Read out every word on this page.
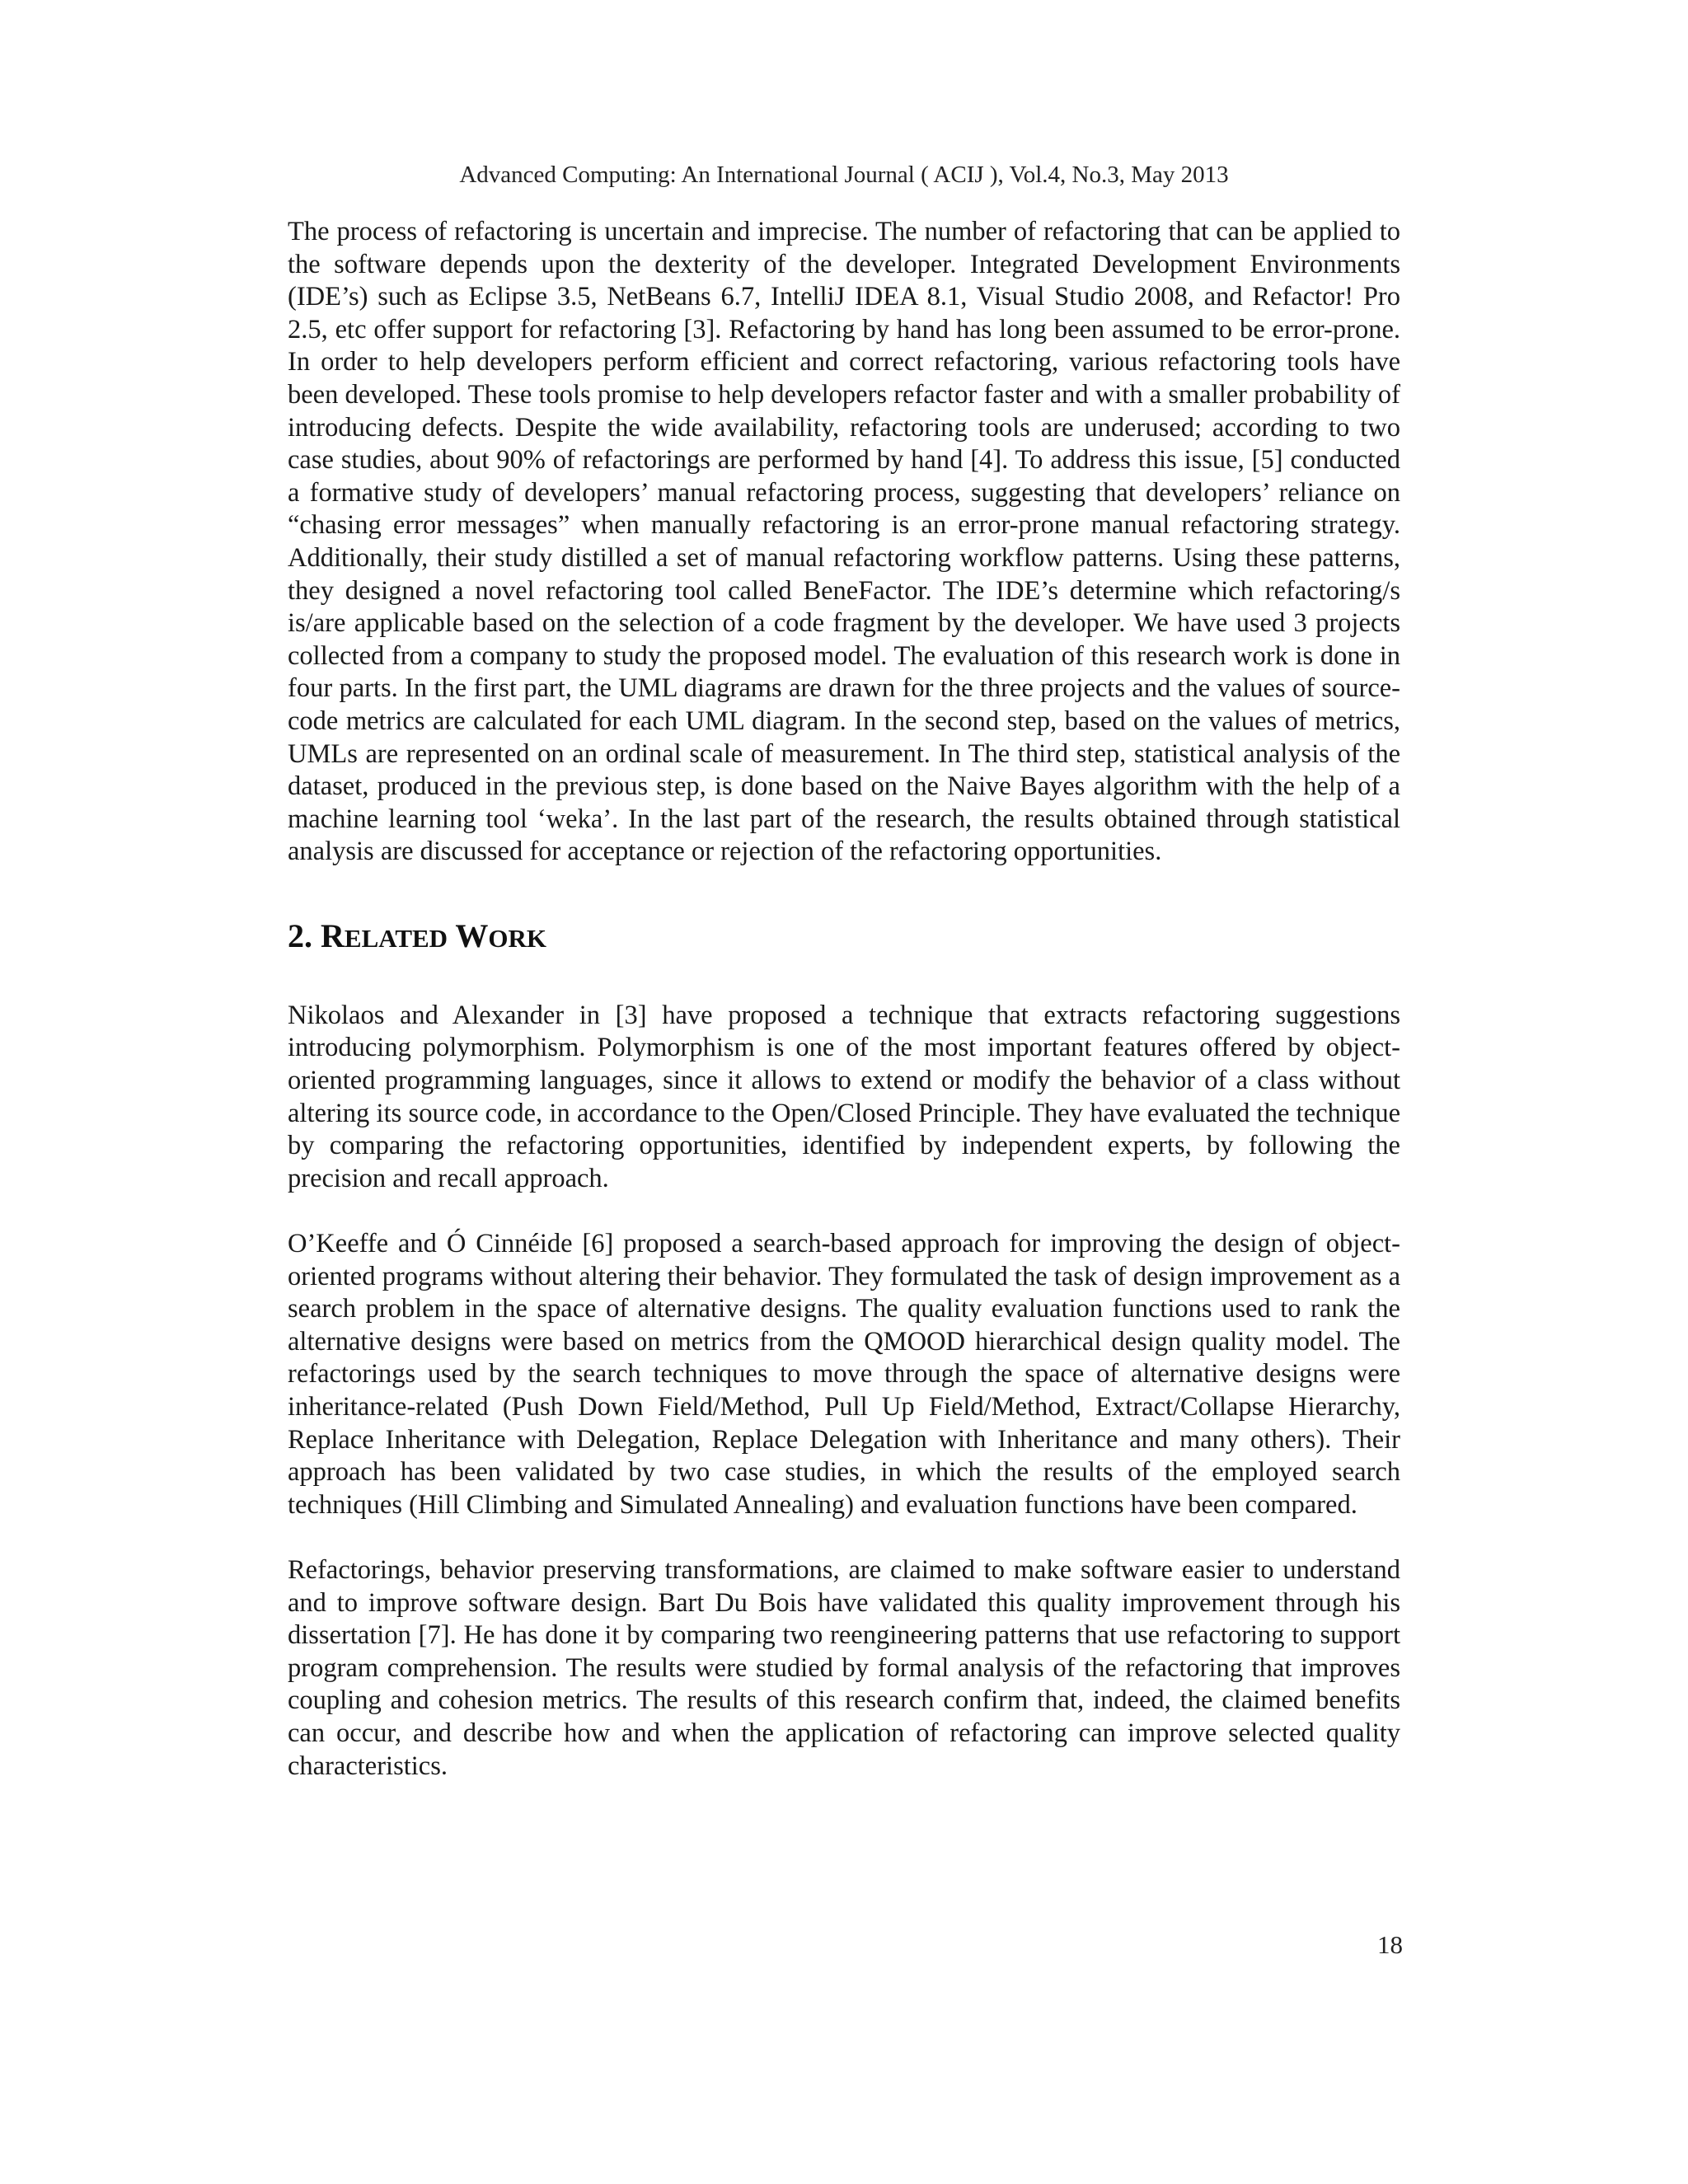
Advanced Computing: An International Journal ( ACIJ ), Vol.4, No.3, May 2013

The process of refactoring is uncertain and imprecise. The number of refactoring that can be applied to the software depends upon the dexterity of the developer. Integrated Development Environments (IDE’s) such as Eclipse 3.5, NetBeans 6.7, IntelliJ IDEA 8.1, Visual Studio 2008, and Refactor! Pro 2.5, etc offer support for refactoring [3]. Refactoring by hand has long been assumed to be error-prone. In order to help developers perform efficient and correct refactoring, various refactoring tools have been developed. These tools promise to help developers refactor faster and with a smaller probability of introducing defects. Despite the wide availability, refactoring tools are underused; according to two case studies, about 90% of refactorings are performed by hand [4]. To address this issue, [5] conducted a formative study of developers’ manual refactoring process, suggesting that developers’ reliance on “chasing error messages” when manually refactoring is an error-prone manual refactoring strategy. Additionally, their study distilled a set of manual refactoring workflow patterns. Using these patterns, they designed a novel refactoring tool called BeneFactor. The IDE’s determine which refactoring/s is/are applicable based on the selection of a code fragment by the developer. We have used 3 projects collected from a company to study the proposed model. The evaluation of this research work is done in four parts. In the first part, the UML diagrams are drawn for the three projects and the values of source-code metrics are calculated for each UML diagram. In the second step, based on the values of metrics, UMLs are represented on an ordinal scale of measurement. In The third step, statistical analysis of the dataset, produced in the previous step, is done based on the Naive Bayes algorithm with the help of a machine learning tool ‘weka’. In the last part of the research, the results obtained through statistical analysis are discussed for acceptance or rejection of the refactoring opportunities.

2. RELATED WORK

Nikolaos and Alexander in [3] have proposed a technique that extracts refactoring suggestions introducing polymorphism. Polymorphism is one of the most important features offered by object-oriented programming languages, since it allows to extend or modify the behavior of a class without altering its source code, in accordance to the Open/Closed Principle. They have evaluated the technique by comparing the refactoring opportunities, identified by independent experts, by following the precision and recall approach.

O’Keeffe and Ó Cinnéide [6] proposed a search-based approach for improving the design of object- oriented programs without altering their behavior. They formulated the task of design improvement as a search problem in the space of alternative designs. The quality evaluation functions used to rank the alternative designs were based on metrics from the QMOOD hierarchical design quality model. The refactorings used by the search techniques to move through the space of alternative designs were inheritance-related (Push Down Field/Method, Pull Up Field/Method, Extract/Collapse Hierarchy, Replace Inheritance with Delegation, Replace Delegation with Inheritance and many others). Their approach has been validated by two case studies, in which the results of the employed search techniques (Hill Climbing and Simulated Annealing) and evaluation functions have been compared.

Refactorings, behavior preserving transformations, are claimed to make software easier to understand and to improve software design. Bart Du Bois have validated this quality improvement through his dissertation [7]. He has done it by comparing two reengineering patterns that use refactoring to support program comprehension. The results were studied by formal analysis of the refactoring that improves coupling and cohesion metrics. The results of this research confirm that, indeed, the claimed benefits can occur, and describe how and when the application of refactoring can improve selected quality characteristics.

18
